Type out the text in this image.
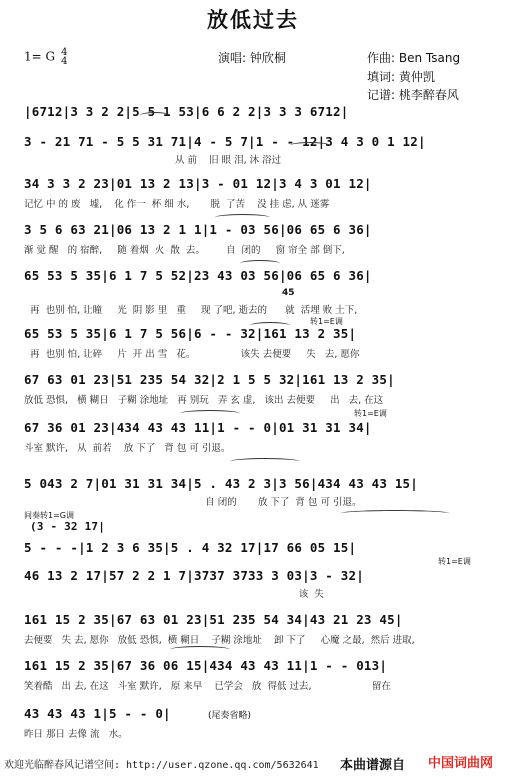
放低过去
1= G 4
4	演唱: 钟欣桐	作曲: Ben Tsang
填词: 黄仲凯
记谱: 桃李醉春风
|6712|3 3 2 2|5 5 1 53|6 6 2 2|3 3 3 6712|
3 - 21 71 - 5 5 31 71|4 - 5 7|1 - - 12|3 4 3 0 1 12|
从 前    旧 眼 泪, 沐 浴过
34 3 3 2 23|01 13 2 13|3 - 01 12|3 4 3 01 12|
记忆 中 的 废   墟,    化 作一  杯 细 水,       脱  了苦    没 挂 虑, 从 迷雾
3 5 6 63 21|06 13 2 1 1|1 - 03 56|06 65 6 36|
渐 觉 醒   的 宿醉,     随 着烟  火  散  去。       自  闭的     窗 帘全 部 倒下,
65 53 5 35|6 1 7 5 52|23 43 03 56|06 65 6 36|
45
再  也别 怕, 让瞳     光  阴 影 里   重     现 了吧, 逝去的      就  活埋 败 土下,
转1=E调
65 53 5 35|6 1 7 5 56|6 - - 32|161 13 2 35|
再  也别 怕, 让碎     片  开 出 雪   花。               该失 去便要     失   去, 愿你
67 63 01 23|51 235 54 32|2 1 5 5 32|161 13 2 35|
放低 恐惧,   横 糊日   子糊 涂地址   再 别玩   弄 玄 虚,   该出 去便要     出   去, 在这
转1=E调
67 36 01 23|434 43 43 11|1 - - 0|01 31 31 34|
斗室 默许,   从  前若    放 下了   背 包 可 引退。
5 043 2 7|01 31 31 34|5 . 43 2 3|3 56|434 43 43 15|
自 闭的       放 下了  背 包 可 引退。
间奏转1=G调
(3 - 32 17|
5 - - -|1 2 3 6 35|5 . 4 32 17|17 66 05 15|
转1=E调
46 13 2 17|57 2 2 1 7|3737 3733 3 03|3 - 32|
该  失
161 15 2 35|67 63 01 23|51 235 54 34|43 21 23 45|
去便要   失 去, 愿你   放低 恐惧,  横 糊日    子糊 涂地址    卸 下了     心魔 之最,  然后 进取,
161 15 2 35|67 36 06 15|434 43 43 11|1 - - 013|
笑着酷   出 去, 在这   斗室 默许,   原 来早    已学会   放  得低 过去,                    留在
43 43 43 1|5 - - 0|	(尾奏省略)
昨日 那日 去像 流   水。
欢迎光临醉春风记谱空间: http://user.qzone.qq.com/5632641 本曲谱源自 中国词曲网
